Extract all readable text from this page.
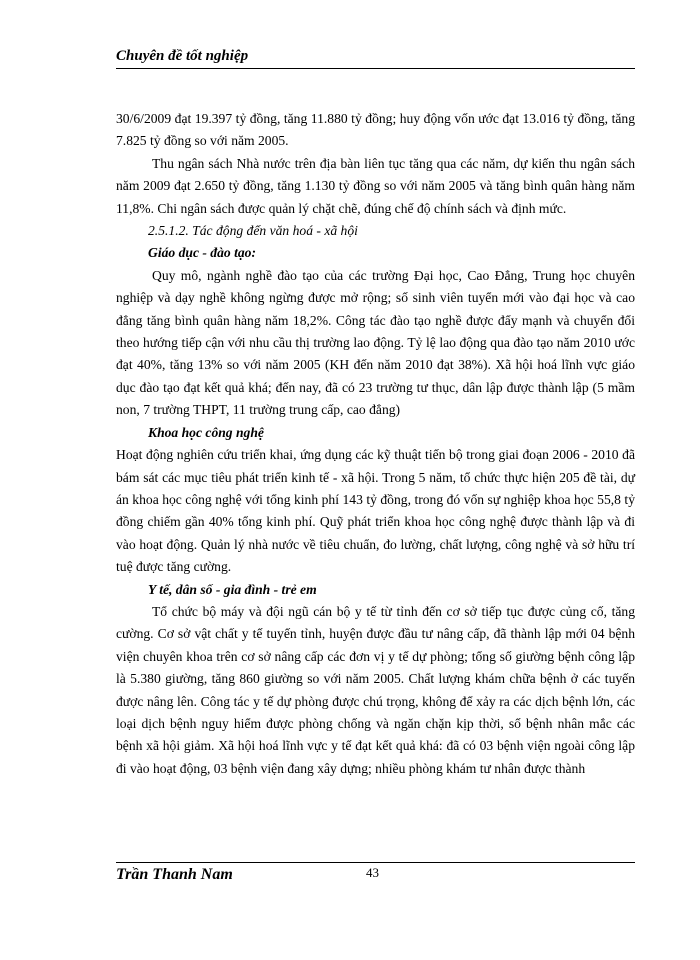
Chuyên đề tốt nghiệp

30/6/2009 đạt 19.397 tỷ đồng, tăng 11.880 tỷ đồng; huy động vốn ước đạt 13.016 tỷ đồng, tăng 7.825 tỷ đồng so với năm 2005.

Thu ngân sách Nhà nước trên địa bàn liên tục tăng qua các năm, dự kiến thu ngân sách năm 2009 đạt 2.650 tỷ đồng, tăng 1.130 tỷ đồng so với năm 2005 và tăng bình quân hàng năm 11,8%. Chi ngân sách được quản lý chặt chẽ, đúng chế độ chính sách và định mức.

2.5.1.2. Tác động đến văn hoá - xã hội

Giáo dục - đào tạo:

Quy mô, ngành nghề đào tạo của các trường Đại học, Cao Đẳng, Trung học chuyên nghiệp và dạy nghề không ngừng được mở rộng; số sinh viên tuyển mới vào đại học và cao đẳng tăng bình quân hàng năm 18,2%. Công tác đào tạo nghề được đẩy mạnh và chuyển đổi theo hướng tiếp cận với nhu cầu thị trường lao động. Tỷ lệ lao động qua đào tạo năm 2010 ước đạt 40%, tăng 13% so với năm 2005 (KH đến năm 2010 đạt 38%). Xã hội hoá lĩnh vực giáo dục đào tạo đạt kết quả khá; đến nay, đã có 23 trường tư thục, dân lập được thành lập (5 mầm non, 7 trường THPT, 11 trường trung cấp, cao đẳng)

Khoa học công nghệ

Hoạt động nghiên cứu triển khai, ứng dụng các kỹ thuật tiến bộ trong giai đoạn 2006 - 2010 đã bám sát các mục tiêu phát triển kinh tế - xã hội. Trong 5 năm, tổ chức thực hiện 205 đề tài, dự án khoa học công nghệ với tổng kinh phí 143 tỷ đồng, trong đó vốn sự nghiệp khoa học 55,8 tỷ đồng chiếm gần 40% tổng kinh phí. Quỹ phát triển khoa học công nghệ được thành lập và đi vào hoạt động. Quản lý nhà nước về tiêu chuẩn, đo lường, chất lượng, công nghệ và sở hữu trí tuệ được tăng cường.

Y tế, dân số - gia đình - trẻ em

Tổ chức bộ máy và đội ngũ cán bộ y tế từ tỉnh đến cơ sở tiếp tục được củng cố, tăng cường. Cơ sở vật chất y tế tuyến tỉnh, huyện được đầu tư nâng cấp, đã thành lập mới 04 bệnh viện chuyên khoa trên cơ sở nâng cấp các đơn vị y tế dự phòng; tổng số giường bệnh công lập là 5.380 giường, tăng 860 giường so với năm 2005. Chất lượng khám chữa bệnh ở các tuyến được nâng lên. Công tác y tế dự phòng được chú trọng, không để xảy ra các dịch bệnh lớn, các loại dịch bệnh nguy hiểm được phòng chống và ngăn chặn kịp thời, số bệnh nhân mắc các bệnh xã hội giảm. Xã hội hoá lĩnh vực y tế đạt kết quả khá: đã có 03 bệnh viện ngoài công lập đi vào hoạt động, 03 bệnh viện đang xây dựng; nhiều phòng khám tư nhân được thành

Trần Thanh Nam	43
